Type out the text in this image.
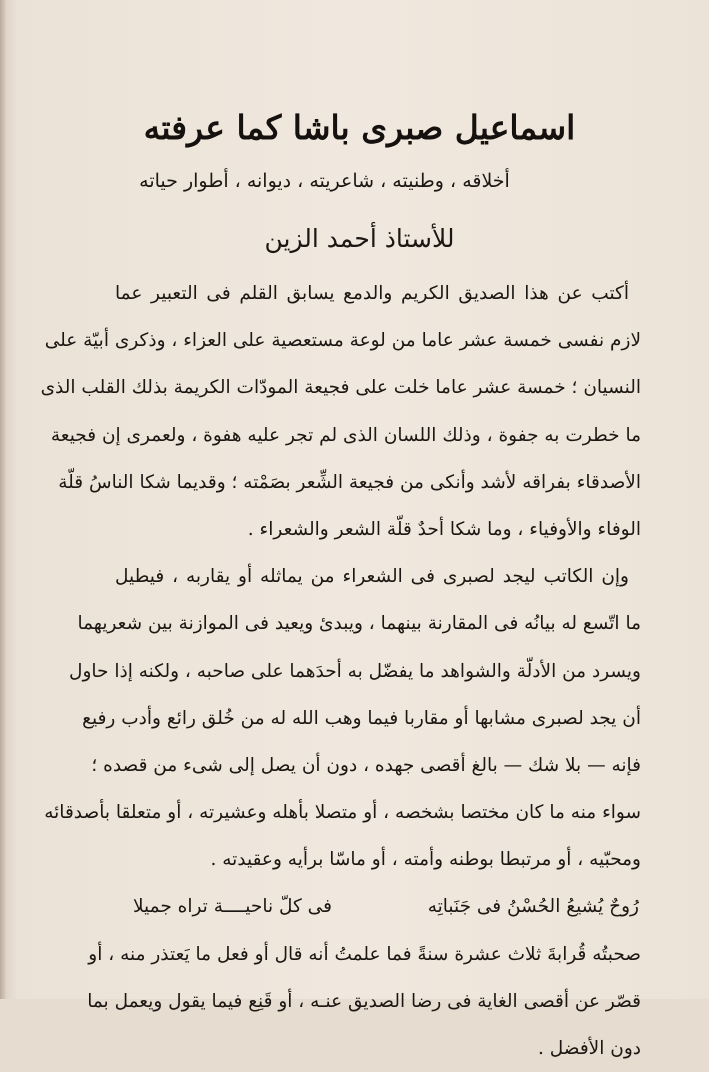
اسماعيل صبرى باشا كما عرفته
أخلاقه ، وطنيته ، شاعريته ، ديوانه ، أطوار حياته
للأستاذ أحمد الزين
أكتب عن هذا الصديق الكريم والدمع يسابق القلم فى التعبير عما
لازم نفسى خمسة عشر عاما من لوعة مستعصية على العزاء ، وذكرى أبيّة على
النسيان ؛ خمسة عشر عاما خلت على فجيعة المودّات الكريمة بذلك القلب الذى
ما خطرت به جفوة ، وذلك اللسان الذى لم تجر عليه هفوة ، ولعمرى إن فجيعة
الأصدقاء بفراقه لأشد وأنكى من فجيعة الشِّعر بصَمْته ؛ وقديما شكا الناسُ قلّة
الوفاء والأوفياء ، وما شكا أحدٌ قلّة الشعر والشعراء .
وإن الكاتب ليجد لصبرى فى الشعراء من يماثله أو يقاربه ، فيطيل
ما اتّسع له بيانُه فى المقارنة بينهما ، ويبدئ ويعيد فى الموازنة بين شعريهما
ويسرد من الأدلّة والشواهد ما يفضّل به أحدَهما على صاحبه ، ولكنه إذا حاول
أن يجد لصبرى مشابها أو مقاربا فيما وهب الله له من خُلق رائع وأدب رفيع
فإنه — بلا شك — بالغ أقصى جهده ، دون أن يصل إلى شىء من قصده ؛
سواء منه ما كان مختصا بشخصه ، أو متصلا بأهله وعشيرته ، أو متعلقا بأصدقائه
ومحبّيه ، أو مرتبطا بوطنه وأمته ، أو ماسّا برأيه وعقيدته .
رُوحٌ يُشيعُ الحُسْنُ فى جَنَباتِه
فى كلّ ناحيــــة تراه جميلا
صحبتُه قُرابةَ ثلاث عشرة سنةً فما علمتُ أنه قال أو فعل ما يَعتذر منه ، أو
قصّر عن أقصى الغاية فى رضا الصديق عنـه ، أو قَنِع فيما يقول ويعمل بما
دون الأفضل .
